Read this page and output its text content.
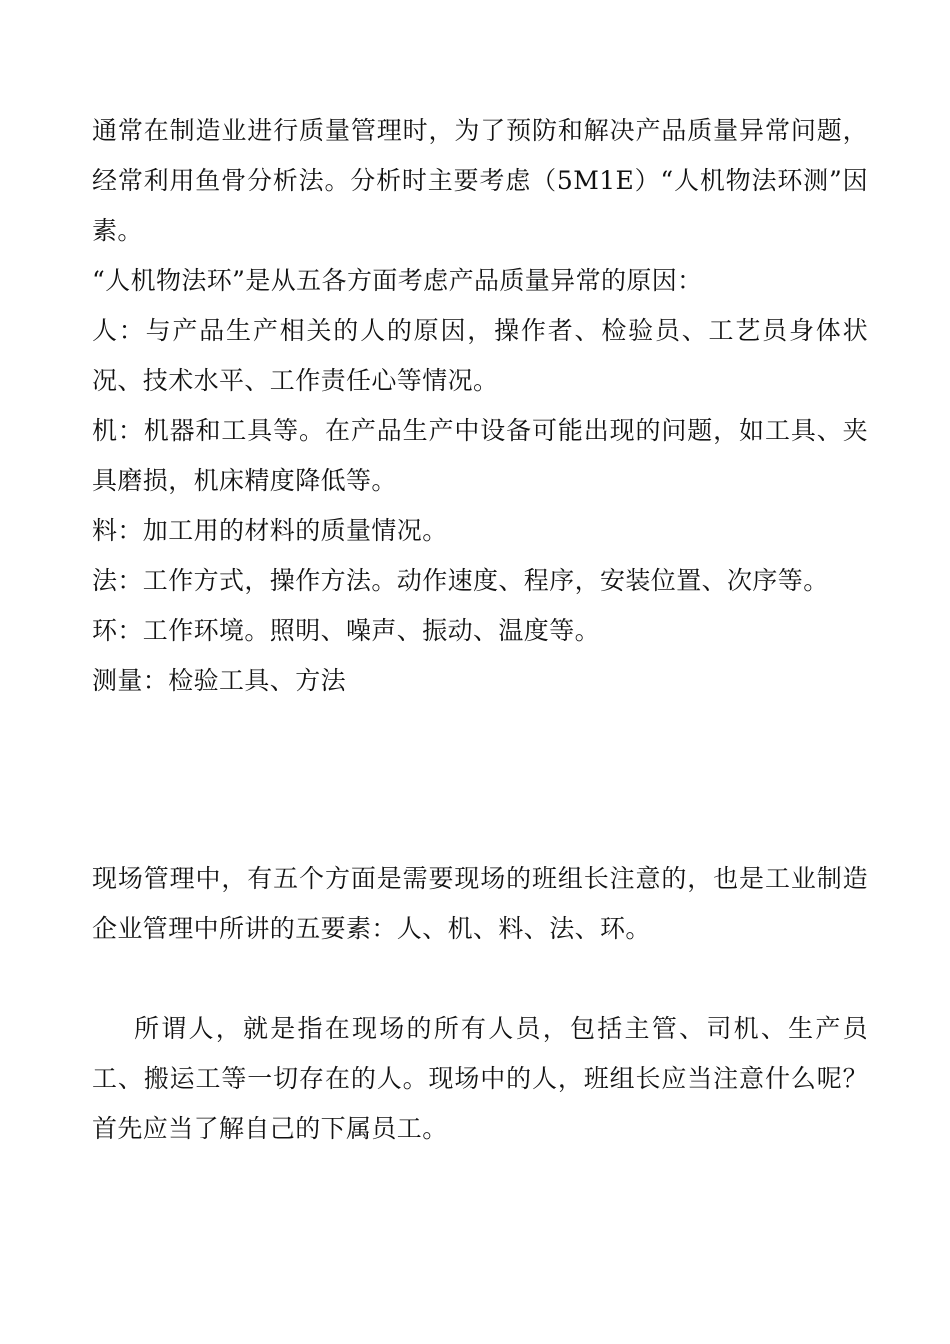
通常在制造业进行质量管理时，为了预防和解决产品质量异常问题，经常利用鱼骨分析法。分析时主要考虑（5M1E）“人机物法环测”因素。

“人机物法环”是从五各方面考虑产品质量异常的原因：

人：与产品生产相关的人的原因，操作者、检验员、工艺员身体状况、技术水平、工作责任心等情况。

机：机器和工具等。在产品生产中设备可能出现的问题，如工具、夹具磨损，机床精度降低等。

料：加工用的材料的质量情况。

法：工作方式，操作方法。动作速度、程序，安装位置、次序等。

环：工作环境。照明、噪声、振动、温度等。

测量：检验工具、方法

现场管理中，有五个方面是需要现场的班组长注意的，也是工业制造企业管理中所讲的五要素：人、机、料、法、环。

所谓人，就是指在现场的所有人员，包括主管、司机、生产员工、搬运工等一切存在的人。现场中的人，班组长应当注意什么呢？首先应当了解自己的下属员工。
